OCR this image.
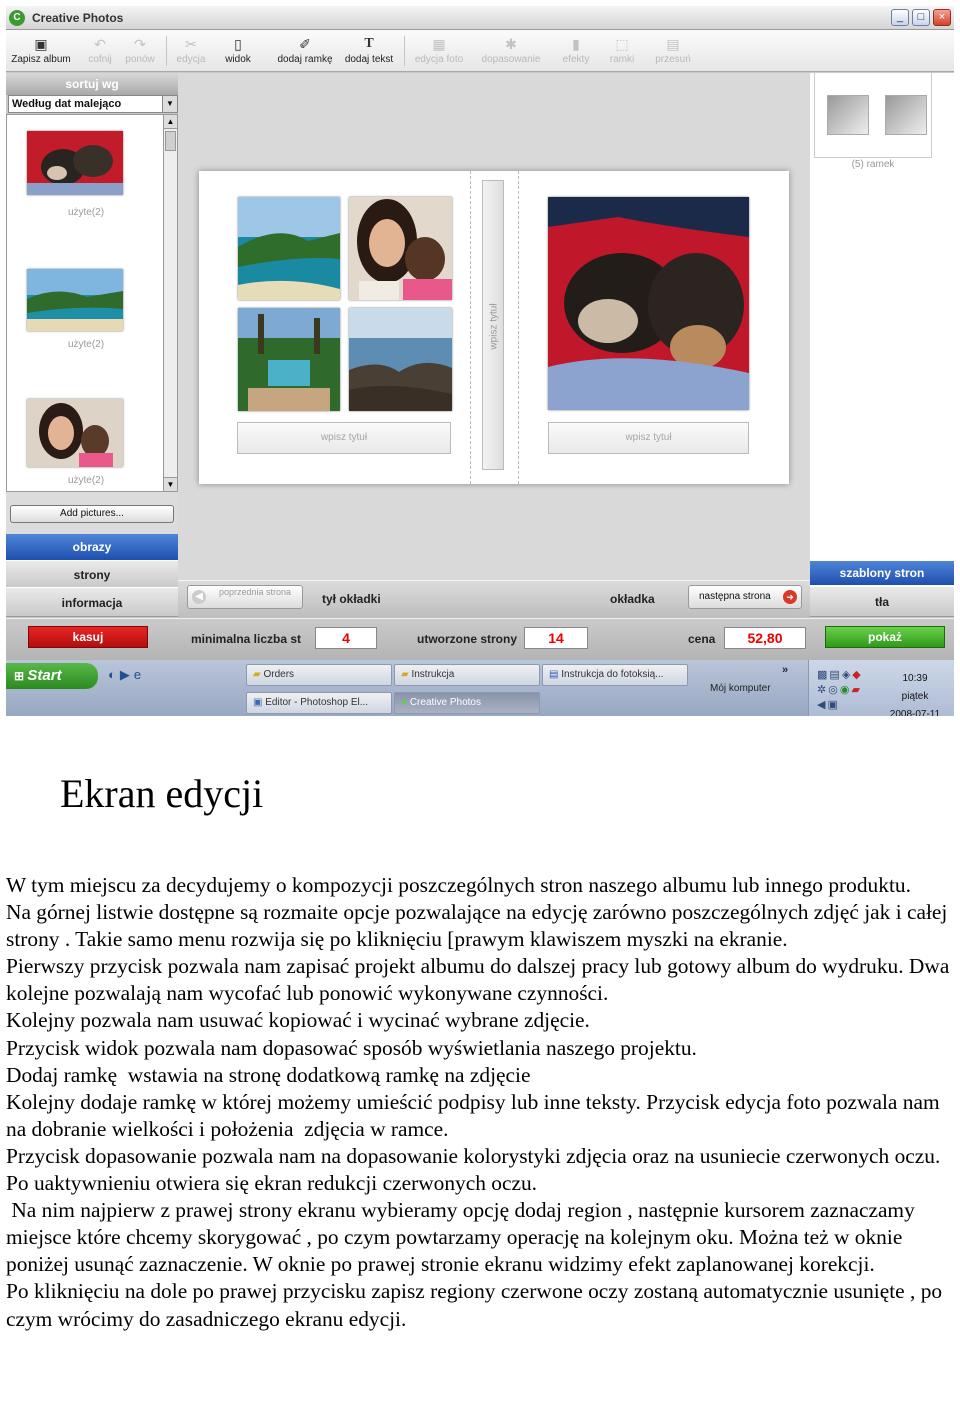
C Creative Photos	_	□	×
▣
Zapisz album
↶
cofnij
↷
ponów
✂
edycja
▯
widok
✐
dodaj ramkę
T
dodaj tekst
▦
edycja foto
✱
dopasowanie
▮
efekty
⬚
ramki
▤
przesuń
sortuj wg
Według dat malejąco	▼
użyte(2)
użyte(2)
użyte(2)
▲
▼
Add pictures...
obrazy
strony
informacja
wpisz tytuł
wpisz tytuł
wpisz tytuł
(5) ramek
szablony stron
tła
◀	poprzednia strona	tył okładki	okładka	następna strona	➜
kasuj	minimalna liczba st	4	utworzone strony	14	cena	52,80	pokaż
⊞ Start	◐▶e	▰ Orders	▰ Instrukcja	▤ Instrukcja do fotoksią...	»
▣ Editor - Photoshop El...	● Creative Photos
Mój komputer
▩▤◈◆
✲◎◉▰
◀▣
10:39
piątek
2008-07-11
Ekran edycji

W tym miejscu za decydujemy o kompozycji poszczególnych stron naszego albumu lub innego produktu.

Na górnej listwie dostępne są rozmaite opcje pozwalające na edycję zarówno poszczególnych zdjęć jak i całej strony . Takie samo menu rozwija się po kliknięciu [prawym klawiszem myszki na ekranie.

Pierwszy przycisk pozwala nam zapisać projekt albumu do dalszej pracy lub gotowy album do wydruku. Dwa kolejne pozwalają nam wycofać lub ponowić wykonywane czynności.

Kolejny pozwala nam usuwać kopiować i wycinać wybrane zdjęcie.

Przycisk widok pozwala nam dopasować sposób wyświetlania naszego projektu.

Dodaj ramkę  wstawia na stronę dodatkową ramkę na zdjęcie

Kolejny dodaje ramkę w której możemy umieścić podpisy lub inne teksty. Przycisk edycja foto pozwala nam na dobranie wielkości i położenia  zdjęcia w ramce.

Przycisk dopasowanie pozwala nam na dopasowanie kolorystyki zdjęcia oraz na usuniecie czerwonych oczu. Po uaktywnieniu otwiera się ekran redukcji czerwonych oczu.

Na nim najpierw z prawej strony ekranu wybieramy opcję dodaj region , następnie kursorem zaznaczamy miejsce które chcemy skorygować , po czym powtarzamy operację na kolejnym oku. Można też w oknie poniżej usunąć zaznaczenie. W oknie po prawej stronie ekranu widzimy efekt zaplanowanej korekcji.

Po kliknięciu na dole po prawej przycisku zapisz regiony czerwone oczy zostaną automatycznie usunięte , po czym wrócimy do zasadniczego ekranu edycji.
